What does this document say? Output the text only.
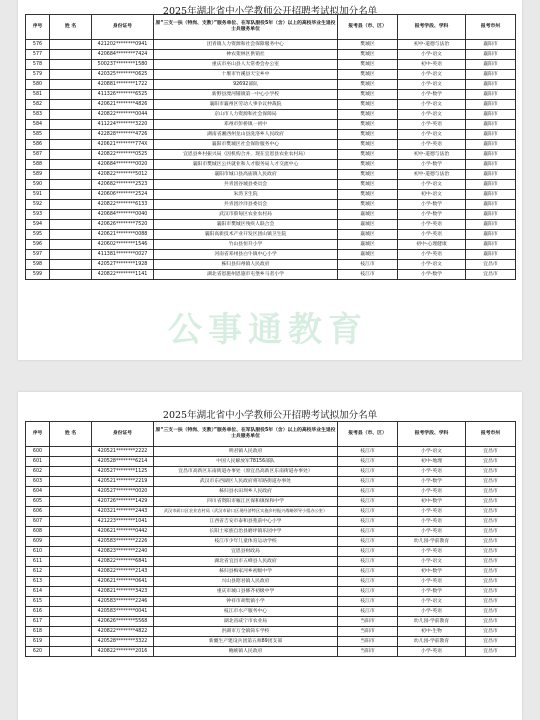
2025年湖北省中小学教师公开招聘考试拟加分名单
序号	姓 名	身份证号	原“三支一扶（特岗、支教）”服务单位、在军队服役5年（含）以上的高校毕业生退役士兵服务单位	报考县（市、区）	报考学段、学科	报考市州
576		421202********0941	团青镇人力资源和社会保障服务中心	樊城区	初中-道德与法治	襄阳市
577		420684********7424	神农架林区供销社	樊城区	小学-语文	襄阳市
578		500237********1580	重庆市巫山县人大常委会办公室	樊城区	初中-英语	襄阳市
579		420325********0625	十堰市竹溪县天宝乡中	樊城区	小学-语文	襄阳市
580		420881********1722	92692部队	樊城区	小学-语文	襄阳市
581		411326********6525	新野县溧河铺镇第一中心小学校	樊城区	小学-数学	襄阳市
582		420621********4826	襄阳市襄州区劳动人事争议仲裁院	樊城区	小学-语文	襄阳市
583		420822********0044	京山市人力资源和社会保障局	樊城区	小学-语文	襄阳市
584		411224********3220	邓州市彭桥镇一初中	樊城区	小学-英语	襄阳市
585		422828********4726	湖南省湘西州龙山县洗洛乡人民政府	樊城区	小学-语文	襄阳市
586		420621********774X	襄阳市樊城区社会保险服务中心	樊城区	小学-英语	襄阳市
587		420822********0525	宜恩县乡村振兴局（因机构合并，现在宜恩县农业农村局）	樊城区	初中-道德与法治	襄阳市
588		420684********0020	襄阳市樊城区公共就业和人才服务局人才交流中心	樊城区	小学-数学	襄阳市
589		420822********5012	襄阳市城口县高庙镇人民政府	樊城区	初中-道德与法治	襄阳市
590		420682********2523	共青团谷城县委员会	樊城区	小学-语文	襄阳市
591		420606********2524	朱湾卫生院	樊城区	初中-语文	襄阳市
592		420822********6133	共青团沙洋县委员会	樊城区	小学-数学	襄阳市
593		420684********0040	武汉市蔡甸区农业农村局	襄城区	小学-数学	襄阳市
594		420626********7520	襄阳市樊城区残疾人联合会	襄城区	小学-英语	襄阳市
595		420621********0088	襄阳高新技术产业开发区团山镇卫生院	襄城区	小学-英语	襄阳市
596		420602********1546	竹山县恒升小学	襄城区	初中-心理健康	襄阳市
597		411381********0027	河南省邓州县白牛镇中心小学	襄城区	小学-英语	襄阳市
598		420527********1928	秭归县归州镇人民政府	枝江市	小学-语文	宜昌市
599		420822********1141	湖北省恩施州恩施市屯堡乡马者小学	枝江市	小学-数学	宜昌市
公事通教育
2025年湖北省中小学教师公开招聘考试拟加分名单
序号	姓 名	身份证号	原“三支一扶（特岗、支教）”服务单位、在军队服役5年（含）以上的高校毕业生退役士兵服务单位	报考县（市、区）	报考学段、学科	报考市州
600		420521********2222	明君镇人民政府	枝江市	小学-语文	宜昌市
601		420528********6214	中国人民解放军78156部队	枝江市	初中-地理	宜昌市
602		420527********1125	宜昌市高新区东南街道办事处（原宜昌高新区东南街道办事处）	枝江市	小学-英语	宜昌市
603		420521********2219	武汉市东西湖区人民政府将军路街道办事处	枝江市	小学-数学	宜昌市
604		420527********0020	秭归县水田坝乡人民政府	枝江市	小学-英语	宜昌市
605		420726********1429	四川省资阳市雁江区保和镇保和中学	枝江市	初中-数学	宜昌市
606		420321********2443	武汉市硚口区农业农村局（武汉市硚口区现经济特区实施乡村振兴战略领导小组办公室）	枝江市	小学-英语	宜昌市
607		421223********1041	江西省吉安市泰和县苑前中心小学	枝江市	小学-英语	宜昌市
608		420621********0442	长阳土家族自治县磨坪镇乐园中学	枝江市	小学-英语	宜昌市
609		420583********2226	枝江市少年儿童体育运动学校	枝江市	幼儿园-学前教育	宜昌市
610		420823********2240	宜恩县财政局	枝江市	小学-英语	宜昌市
611		420822********6841	湖北省宜昌市五峰县人民政府	枝江市	小学-语文	宜昌市
612		420822********2143	秭归县梅家河乡初级中学	枝江市	初中-数学	宜昌市
613		420621********0641	兴山县昭君镇人民政府	枝江市	小学-英语	宜昌市
614		420821********3423	重庆市城口县修齐初级中学	枝江市	小学-数学	宜昌市
615		420583********2246	钟祥市胡集镇小学	枝江市	小学-语文	宜昌市
616		420583********0041	枝江市水产服务中心	枝江市	小学-英语	宜昌市
617		420626********5568	湖北省咸宁市农业局	当阳市	幼儿园-学前教育	宜昌市
618		420822********4822	洪湖市万全镇简车学校	当阳市	初中-生物	宜昌市
619		420528********3322	新疆生产建设兵团第五师89团支部	当阳市	幼儿园-学前教育	宜昌市
620		420822********2016	鲍峡镇人民政府	当阳市	小学-英语	宜昌市
